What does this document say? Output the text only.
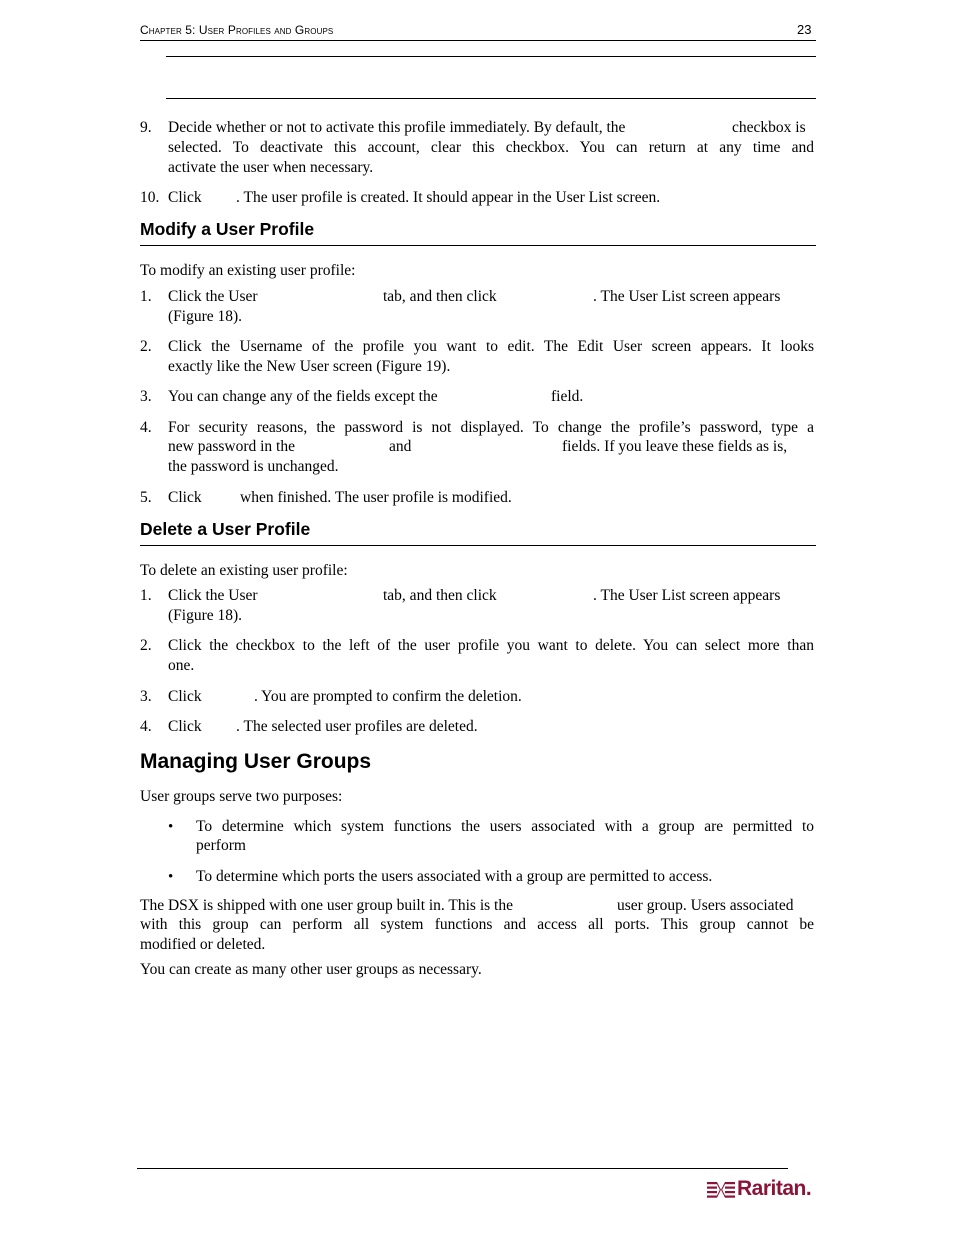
Chapter 5: User Profiles and Groups	23
9. Decide whether or not to activate this profile immediately. By default, the	checkbox is
selected. To deactivate this account, clear this checkbox. You can return at any time and
activate the user when necessary.
10. Click . The user profile is created. It should appear in the User List screen.
Modify a User Profile
To modify an existing user profile:
1. Click the User	tab, and then click	. The User List screen appears
(Figure 18).
2. Click the Username of the profile you want to edit. The Edit User screen appears. It looks
exactly like the New User screen (Figure 19).
3. You can change any of the fields except the	field.
4. For security reasons, the password is not displayed. To change the profile’s password, type a
new password in the	and	fields. If you leave these fields as is,
the password is unchanged.
5. Click when finished. The user profile is modified.
Delete a User Profile
To delete an existing user profile:
1. Click the User	tab, and then click	. The User List screen appears
(Figure 18).
2. Click the checkbox to the left of the user profile you want to delete. You can select more than
one.
3. Click	. You are prompted to confirm the deletion.
4. Click . The selected user profiles are deleted.
Managing User Groups
User groups serve two purposes:
• To determine which system functions the users associated with a group are permitted to
perform
• To determine which ports the users associated with a group are permitted to access.
The DSX is shipped with one user group built in. This is the	user group. Users associated
with this group can perform all system functions and access all ports. This group cannot be
modified or deleted.
You can create as many other user groups as necessary.
Raritan.
